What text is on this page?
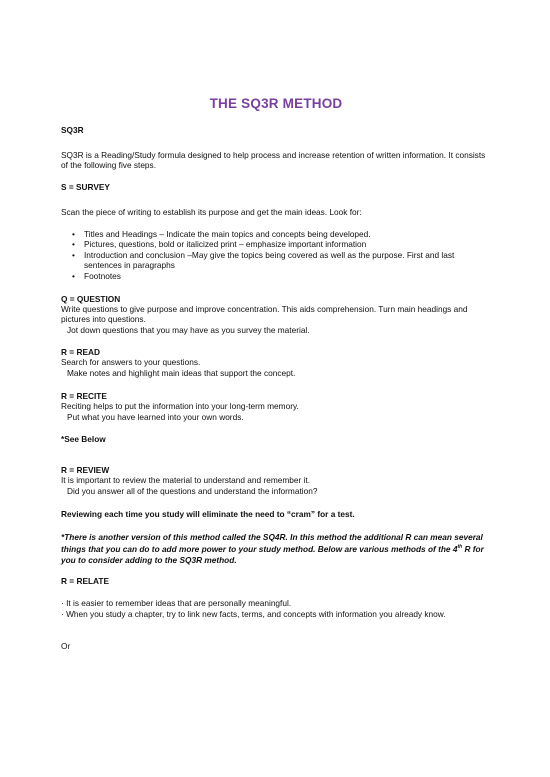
THE SQ3R METHOD
SQ3R
SQ3R is a Reading/Study formula designed to help process and increase retention of written information. It consists of the following five steps.
S = SURVEY
Scan the piece of writing to establish its purpose and get the main ideas. Look for:
• Titles and Headings – Indicate the main topics and concepts being developed.
• Pictures, questions, bold or italicized print – emphasize important information
• Introduction and conclusion –May give the topics being covered as well as the purpose. First and last sentences in paragraphs
• Footnotes
Q = QUESTION
Write questions to give purpose and improve concentration. This aids comprehension. Turn main headings and pictures into questions.
Jot down questions that you may have as you survey the material.
R = READ
Search for answers to your questions.
Make notes and highlight main ideas that support the concept.
R = RECITE
Reciting helps to put the information into your long-term memory.
Put what you have learned into your own words.
*See Below
R = REVIEW
It is important to review the material to understand and remember it.
Did you answer all of the questions and understand the information?
Reviewing each time you study will eliminate the need to “cram” for a test.
*There is another version of this method called the SQ4R. In this method the additional R can mean several things that you can do to add more power to your study method. Below are various methods of the 4th R for you to consider adding to the SQ3R method.
R = RELATE
· It is easier to remember ideas that are personally meaningful.
· When you study a chapter, try to link new facts, terms, and concepts with information you already know.
Or
